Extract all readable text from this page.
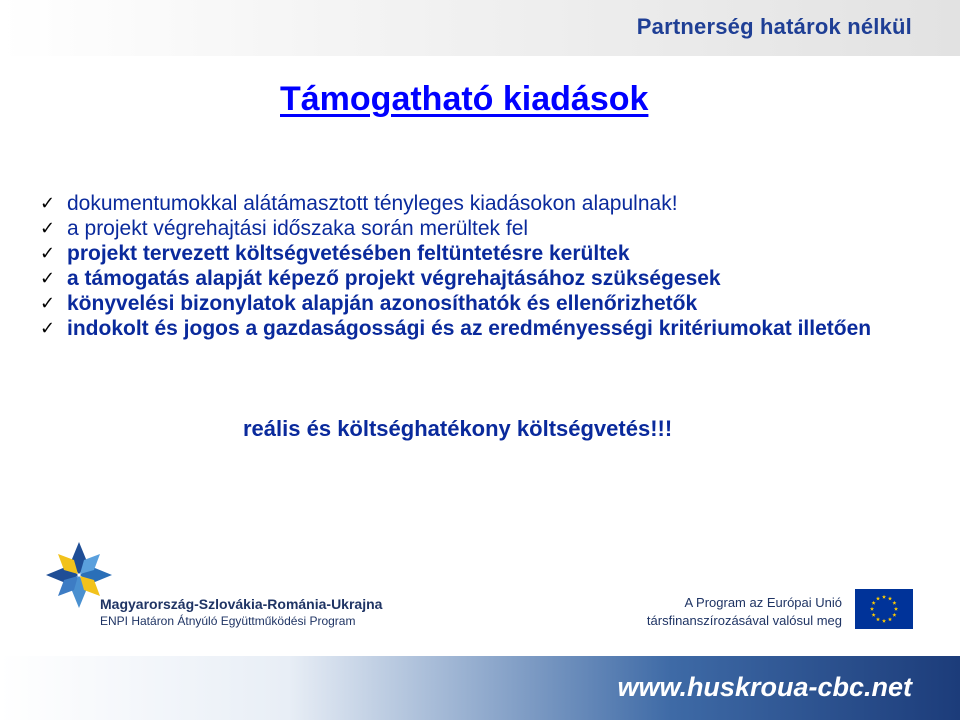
Partnerség határok nélkül
Támogatható kiadások
✓ dokumentumokkal alátámasztott tényleges kiadásokon alapulnak!
✓ a projekt végrehajtási időszaka során merültek fel
✓ projekt tervezett költségvetésében feltüntetésre kerültek
✓ a támogatás alapját képező projekt végrehajtásához szükségesek
✓ könyvelési bizonylatok alapján azonosíthatók és ellenőrizhetők
✓ indokolt és jogos a gazdaságossági és az eredményességi kritériumokat illetően
reális és költséghatékony költségvetés!!!
Magyarország-Szlovákia-Románia-Ukrajna
ENPI Határon Átnyúló Együttműködési Program
A Program az Európai Unió
társfinanszírozásával valósul meg
www.huskroua-cbc.net
